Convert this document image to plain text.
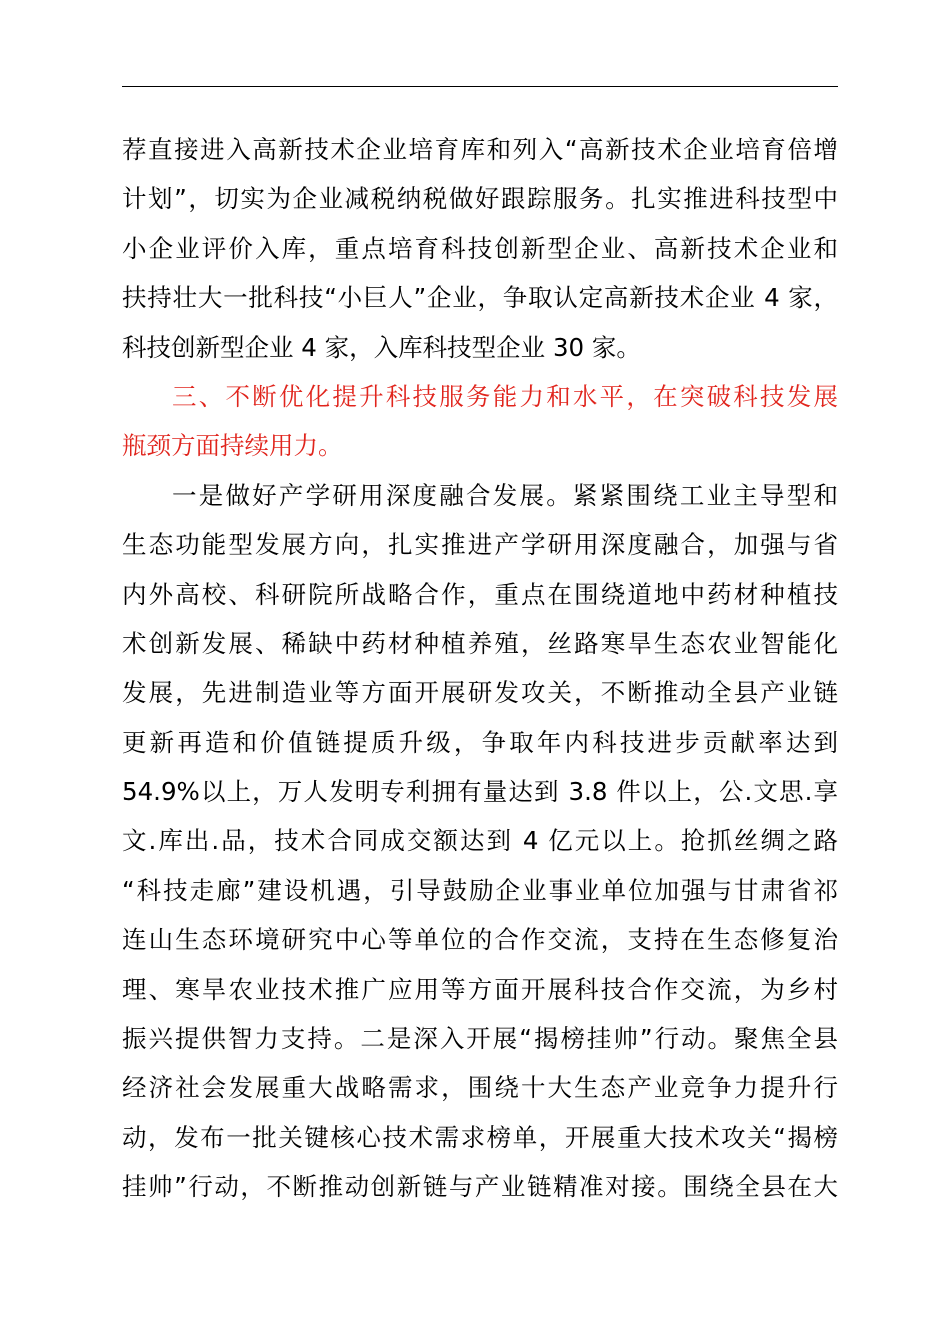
荐直接进入高新技术企业培育库和列入“高新技术企业培育倍增
计划”，切实为企业减税纳税做好跟踪服务。扎实推进科技型中
小企业评价入库，重点培育科技创新型企业、高新技术企业和
扶持壮大一批科技“小巨人”企业，争取认定高新技术企业 4 家，
科技创新型企业 4 家，入库科技型企业 30 家。
三、不断优化提升科技服务能力和水平，在突破科技发展
瓶颈方面持续用力。
一是做好产学研用深度融合发展。紧紧围绕工业主导型和
生态功能型发展方向，扎实推进产学研用深度融合，加强与省
内外高校、科研院所战略合作，重点在围绕道地中药材种植技
术创新发展、稀缺中药材种植养殖，丝路寒旱生态农业智能化
发展，先进制造业等方面开展研发攻关，不断推动全县产业链
更新再造和价值链提质升级，争取年内科技进步贡献率达到
54.9%以上，万人发明专利拥有量达到 3.8 件以上，公.文思.享
文.库出.品，技术合同成交额达到 4 亿元以上。抢抓丝绸之路
“科技走廊”建设机遇，引导鼓励企业事业单位加强与甘肃省祁
连山生态环境研究中心等单位的合作交流，支持在生态修复治
理、寒旱农业技术推广应用等方面开展科技合作交流，为乡村
振兴提供智力支持。二是深入开展“揭榜挂帅”行动。聚焦全县
经济社会发展重大战略需求，围绕十大生态产业竞争力提升行
动，发布一批关键核心技术需求榜单，开展重大技术攻关“揭榜
挂帅”行动，不断推动创新链与产业链精准对接。围绕全县在大
